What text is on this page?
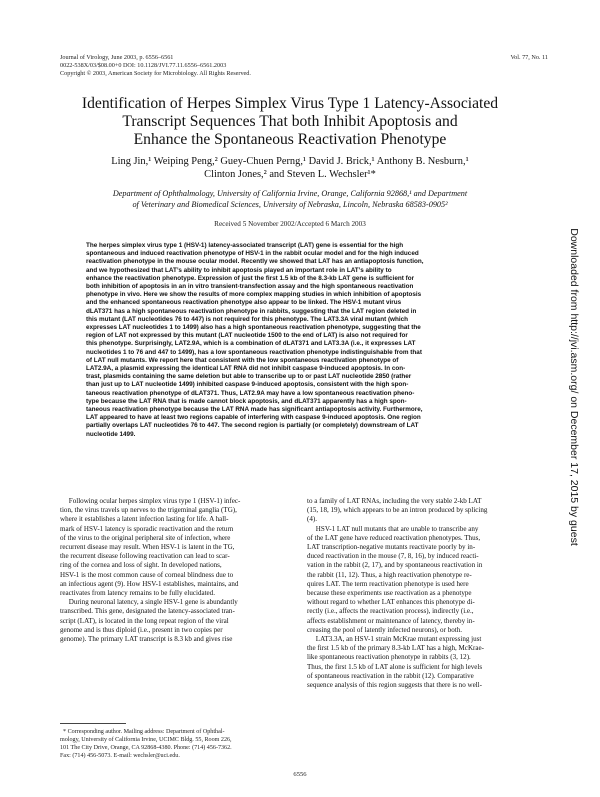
Journal of Virology, June 2003, p. 6556–6561
0022-538X/03/$08.00+0 DOI: 10.1128/JVI.77.11.6556–6561.2003
Copyright © 2003, American Society for Microbiology. All Rights Reserved.
Vol. 77, No. 11
Identification of Herpes Simplex Virus Type 1 Latency-Associated
Transcript Sequences That both Inhibit Apoptosis and
Enhance the Spontaneous Reactivation Phenotype
Ling Jin,¹ Weiping Peng,² Guey-Chuen Perng,¹ David J. Brick,¹ Anthony B. Nesburn,¹
Clinton Jones,² and Steven L. Wechsler¹*
Department of Ophthalmology, University of California Irvine, Orange, California 92868,¹ and Department
of Veterinary and Biomedical Sciences, University of Nebraska, Lincoln, Nebraska 68583-0905²
Received 5 November 2002/Accepted 6 March 2003
The herpes simplex virus type 1 (HSV-1) latency-associated transcript (LAT) gene is essential for the high
spontaneous and induced reactivation phenotype of HSV-1 in the rabbit ocular model and for the high induced
reactivation phenotype in the mouse ocular model. Recently we showed that LAT has an antiapoptosis function,
and we hypothesized that LAT’s ability to inhibit apoptosis played an important role in LAT’s ability to
enhance the reactivation phenotype. Expression of just the first 1.5 kb of the 8.3-kb LAT gene is sufficient for
both inhibition of apoptosis in an in vitro transient-transfection assay and the high spontaneous reactivation
phenotype in vivo. Here we show the results of more complex mapping studies in which inhibition of apoptosis
and the enhanced spontaneous reactivation phenotype also appear to be linked. The HSV-1 mutant virus
dLAT371 has a high spontaneous reactivation phenotype in rabbits, suggesting that the LAT region deleted in
this mutant (LAT nucleotides 76 to 447) is not required for this phenotype. The LAT3.3A viral mutant (which
expresses LAT nucleotides 1 to 1499) also has a high spontaneous reactivation phenotype, suggesting that the
region of LAT not expressed by this mutant (LAT nucleotide 1500 to the end of LAT) is also not required for
this phenotype. Surprisingly, LAT2.9A, which is a combination of dLAT371 and LAT3.3A (i.e., it expresses LAT
nucleotides 1 to 76 and 447 to 1499), has a low spontaneous reactivation phenotype indistinguishable from that
of LAT null mutants. We report here that consistent with the low spontaneous reactivation phenotype of
LAT2.9A, a plasmid expressing the identical LAT RNA did not inhibit caspase 9-induced apoptosis. In con-
trast, plasmids containing the same deletion but able to transcribe up to or past LAT nucleotide 2850 (rather
than just up to LAT nucleotide 1499) inhibited caspase 9-induced apoptosis, consistent with the high spon-
taneous reactivation phenotype of dLAT371. Thus, LAT2.9A may have a low spontaneous reactivation pheno-
type because the LAT RNA that is made cannot block apoptosis, and dLAT371 apparently has a high spon-
taneous reactivation phenotype because the LAT RNA made has significant antiapoptosis activity. Furthermore,
LAT appeared to have at least two regions capable of interfering with caspase 9-induced apoptosis. One region
partially overlaps LAT nucleotides 76 to 447. The second region is partially (or completely) downstream of LAT
nucleotide 1499.
Following ocular herpes simplex virus type 1 (HSV-1) infec-
tion, the virus travels up nerves to the trigeminal ganglia (TG),
where it establishes a latent infection lasting for life. A hall-
mark of HSV-1 latency is sporadic reactivation and the return
of the virus to the original peripheral site of infection, where
recurrent disease may result. When HSV-1 is latent in the TG,
the recurrent disease following reactivation can lead to scar-
ring of the cornea and loss of sight. In developed nations,
HSV-1 is the most common cause of corneal blindness due to
an infectious agent (9). How HSV-1 establishes, maintains, and
reactivates from latency remains to be fully elucidated.
During neuronal latency, a single HSV-1 gene is abundantly
transcribed. This gene, designated the latency-associated tran-
script (LAT), is located in the long repeat region of the viral
genome and is thus diploid (i.e., present in two copies per
genome). The primary LAT transcript is 8.3 kb and gives rise
to a family of LAT RNAs, including the very stable 2-kb LAT
(15, 18, 19), which appears to be an intron produced by splicing
(4).
HSV-1 LAT null mutants that are unable to transcribe any
of the LAT gene have reduced reactivation phenotypes. Thus,
LAT transcription-negative mutants reactivate poorly by in-
duced reactivation in the mouse (7, 8, 16), by induced reacti-
vation in the rabbit (2, 17), and by spontaneous reactivation in
the rabbit (11, 12). Thus, a high reactivation phenotype re-
quires LAT. The term reactivation phenotype is used here
because these experiments use reactivation as a phenotype
without regard to whether LAT enhances this phenotype di-
rectly (i.e., affects the reactivation process), indirectly (i.e.,
affects establishment or maintenance of latency, thereby in-
creasing the pool of latently infected neurons), or both.
LAT3.3A, an HSV-1 strain McKrae mutant expressing just
the first 1.5 kb of the primary 8.3-kb LAT has a high, McKrae-
like spontaneous reactivation phenotype in rabbits (3, 12).
Thus, the first 1.5 kb of LAT alone is sufficient for high levels
of spontaneous reactivation in the rabbit (12). Comparative
sequence analysis of this region suggests that there is no well-
* Corresponding author. Mailing address: Department of Ophthal-
mology, University of California Irvine, UCIMC Bldg. 55, Room 226,
101 The City Drive, Orange, CA 92868-4380. Phone: (714) 456-7362.
Fax: (714) 456-5073. E-mail: wechsler@uci.edu.
6556
Downloaded from http://jvi.asm.org/ on December 17, 2015 by guest
